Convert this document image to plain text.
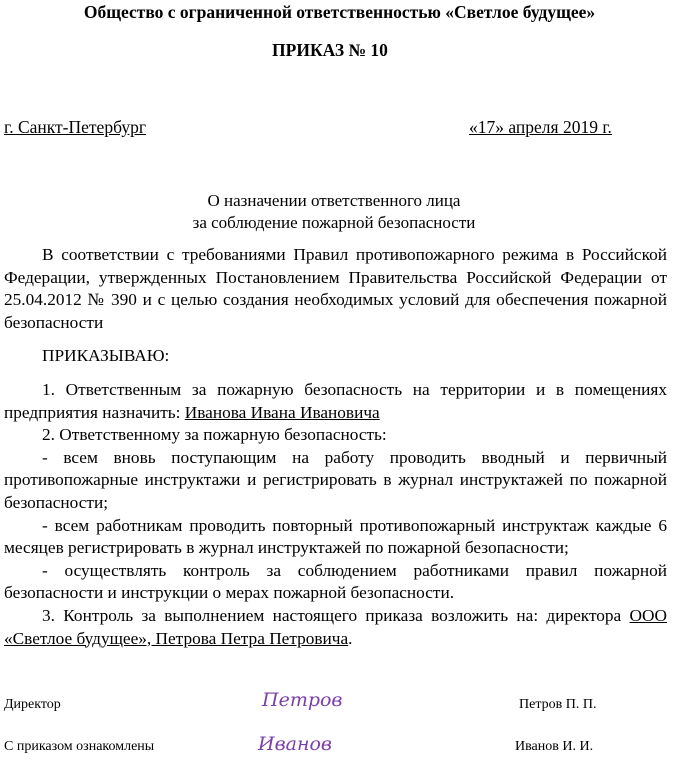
Общество с ограниченной ответственностью «Светлое будущее»
ПРИКАЗ № 10
г. Санкт-Петербург	«17» апреля 2019 г.
О назначении ответственного лица
за соблюдение пожарной безопасности

В соответствии с требованиями Правил противопожарного режима в Российской Федерации, утвержденных Постановлением Правительства Российской Федерации от 25.04.2012 № 390 и с целью создания необходимых условий для обеспечения пожарной безопасности

ПРИКАЗЫВАЮ:

1. Ответственным за пожарную безопасность на территории и в помещениях предприятия назначить: Иванова Ивана Ивановича

2. Ответственному за пожарную безопасность:

- всем вновь поступающим на работу проводить вводный и первичный противопожарные инструктажи и регистрировать в журнал инструктажей по пожарной безопасности;

- всем работникам проводить повторный противопожарный инструктаж каждые 6 месяцев регистрировать в журнал инструктажей по пожарной безопасности;

- осуществлять контроль за соблюдением работниками правил пожарной безопасности и инструкции о мерах пожарной безопасности.

3. Контроль за выполнением настоящего приказа возложить на: директора ООО «Светлое будущее», Петрова Петра Петровича.

Директор	Петров	Петров П. П.
С приказом ознакомлены	Иванов	Иванов И. И.
